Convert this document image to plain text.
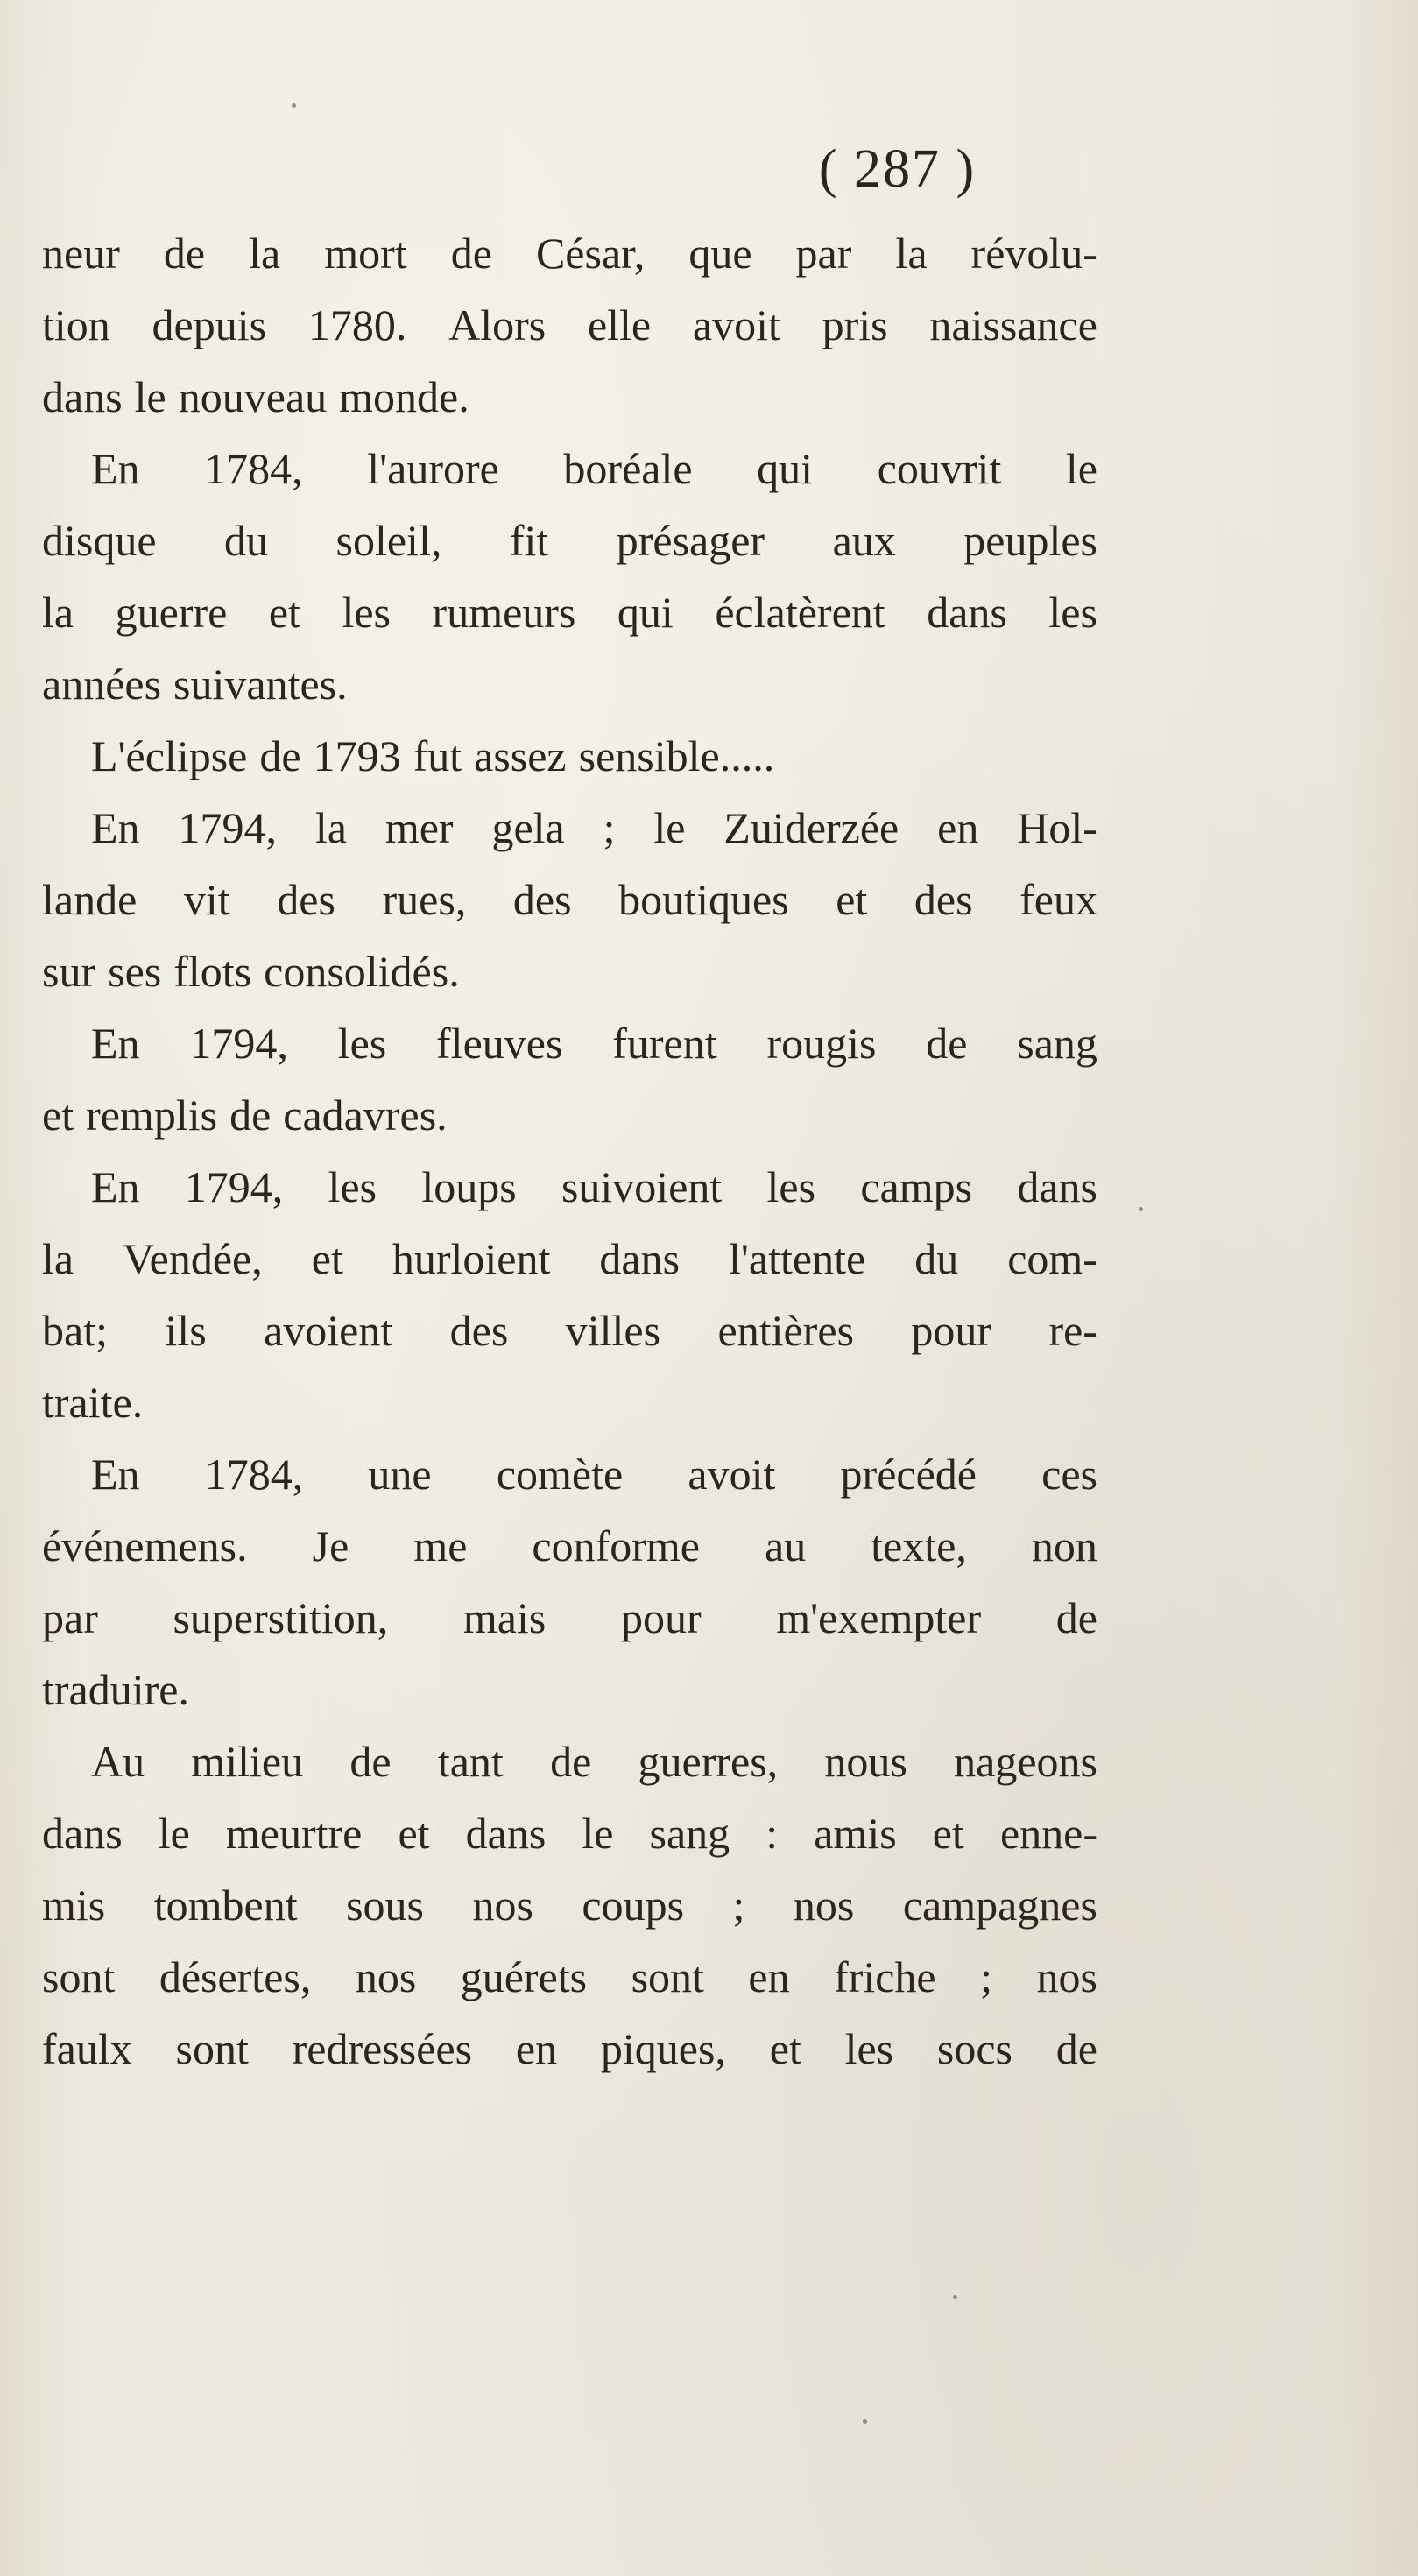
( 287 )
neur de la mort de César, que par la révolu-
tion depuis 1780. Alors elle avoit pris naissance
dans le nouveau monde.
En 1784, l'aurore boréale qui couvrit le
disque du soleil, fit présager aux peuples
la guerre et les rumeurs qui éclatèrent dans les
années suivantes.
L'éclipse de 1793 fut assez sensible.....
En 1794, la mer gela ; le Zuiderzée en Hol-
lande vit des rues, des boutiques et des feux
sur ses flots consolidés.
En 1794, les fleuves furent rougis de sang
et remplis de cadavres.
En 1794, les loups suivoient les camps dans
la Vendée, et hurloient dans l'attente du com-
bat; ils avoient des villes entières pour re-
traite.
En 1784, une comète avoit précédé ces
événemens. Je me conforme au texte, non
par superstition, mais pour m'exempter de
traduire.
Au milieu de tant de guerres, nous nageons
dans le meurtre et dans le sang : amis et enne-
mis tombent sous nos coups ; nos campagnes
sont désertes, nos guérets sont en friche ; nos
faulx sont redressées en piques, et les socs de
